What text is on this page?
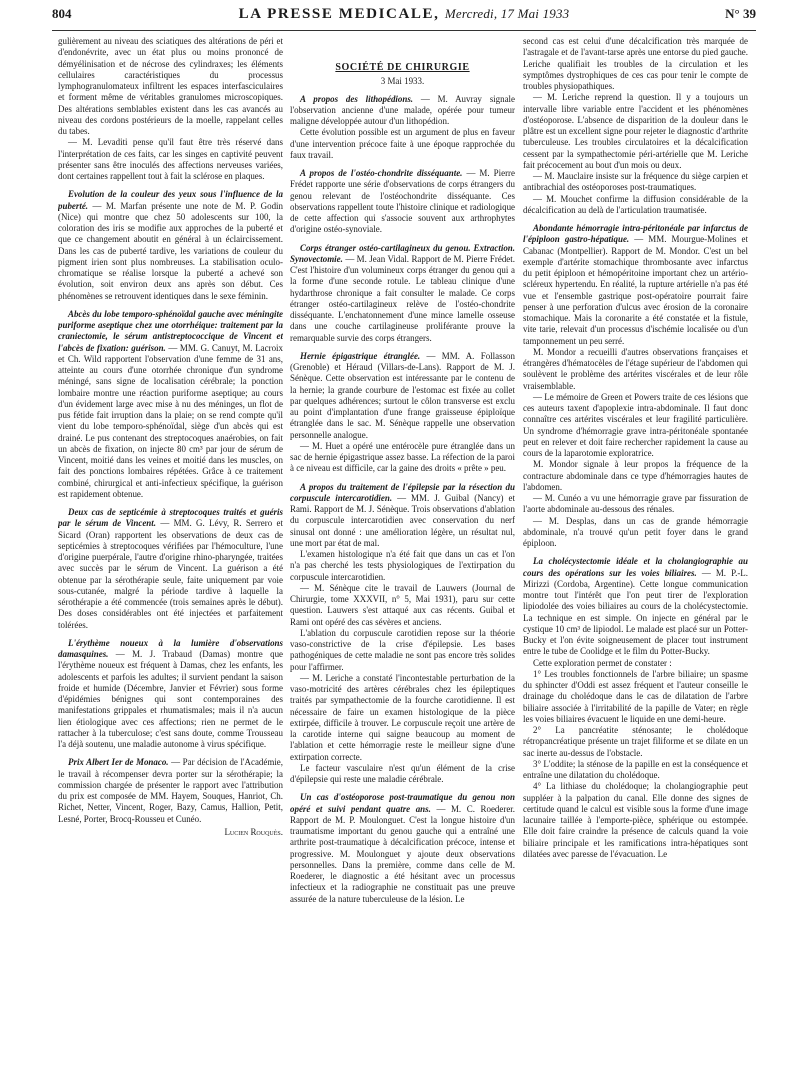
804	LA PRESSE MEDICALE, Mercredi, 17 Mai 1933	N° 39

gulièrement au niveau des sciatiques des altérations de péri et d'endonévrite, avec un état plus ou moins prononcé de démyélinisation et de nécrose des cylindraxes; les éléments cellulaires caractéristiques du processus lymphogranulomateux infiltrent les espaces interfasciculaires et forment même de véritables granulomes microscopiques. Des altérations semblables existent dans les cas avancés au niveau des cordons postérieurs de la moelle, rappelant celles du tabes.

— M. Levaditi pense qu'il faut être très réservé dans l'interprétation de ces faits, car les singes en captivité peuvent présenter sans être inoculés des affections nerveuses variées, dont certaines rappellent tout à fait la sclérose en plaques.

Evolution de la couleur des yeux sous l'influence de la puberté. — M. Marfan présente une note de M. P. Godin (Nice) qui montre que chez 50 adolescents sur 100, la coloration des iris se modifie aux approches de la puberté et que ce changement aboutit en général à un éclaircissement. Dans les cas de puberté tardive, les variations de couleur du pigment irien sont plus nombreuses. La stabilisation oculo-chromatique se réalise lorsque la puberté a achevé son évolution, soit environ deux ans après son début. Ces phénomènes se retrouvent identiques dans le sexe féminin.

Abcès du lobe temporo-sphénoïdal gauche avec méningite puriforme aseptique chez une otorrhéique: traitement par la craniectomie, le sérum antistreptococcique de Vincent et l'abcès de fixation: guérison. — MM. G. Canuyt, M. Lacroix et Ch. Wild rapportent l'observation d'une femme de 31 ans, atteinte au cours d'une otorrhée chronique d'un syndrome méningé, sans signe de localisation cérébrale; la ponction lombaire montre une réaction puriforme aseptique; au cours d'un évidement large avec mise à nu des méninges, un flot de pus fétide fait irruption dans la plaie; on se rend compte qu'il vient du lobe temporo-sphénoïdal, siège d'un abcès qui est drainé. Le pus contenant des streptocoques anaérobies, on fait un abcès de fixation, on injecte 80 cm³ par jour de sérum de Vincent, moitié dans les veines et moitié dans les muscles, on fait des ponctions lombaires répétées. Grâce à ce traitement combiné, chirurgical et anti-infectieux spécifique, la guérison est rapidement obtenue.

Deux cas de septicémie à streptocoques traités et guéris par le sérum de Vincent. — MM. G. Lévy, R. Serrero et Sicard (Oran) rapportent les observations de deux cas de septicémies à streptocoques vérifiées par l'hémoculture, l'une d'origine puerpérale, l'autre d'origine rhino-pharyngée, traitées avec succès par le sérum de Vincent. La guérison a été obtenue par la sérothérapie seule, faite uniquement par voie sous-cutanée, malgré la période tardive à laquelle la sérothérapie a été commencée (trois semaines après le début). Des doses considérables ont été injectées et parfaitement tolérées.

L'érythème noueux à la lumière d'observations damasquines. — M. J. Trabaud (Damas) montre que l'érythème noueux est fréquent à Damas, chez les enfants, les adolescents et parfois les adultes; il survient pendant la saison froide et humide (Décembre, Janvier et Février) sous forme d'épidémies bénignes qui sont contemporaines des manifestations grippales et rhumatismales; mais il n'a aucun lien étiologique avec ces affections; rien ne permet de le rattacher à la tuberculose; c'est sans doute, comme Trousseau l'a déjà soutenu, une maladie autonome à virus spécifique.

Prix Albert Ier de Monaco. — Par décision de l'Académie, le travail à récompenser devra porter sur la sérothérapie; la commission chargée de présenter le rapport avec l'attribution du prix est composée de MM. Hayem, Souques, Hanriot, Ch. Richet, Netter, Vincent, Roger, Bazy, Camus, Hallion, Petit, Lesné, Porter, Brocq-Rousseu et Cunéo.

Lucien Rouquès.

SOCIÉTÉ DE CHIRURGIE
3 Mai 1933.

A propos des lithopédions. — M. Auvray signale l'observation ancienne d'une malade, opérée pour tumeur maligne développée autour d'un lithopédion.

Cette évolution possible est un argument de plus en faveur d'une intervention précoce faite à une époque rapprochée du faux travail.

A propos de l'ostéo-chondrite disséquante. — M. Pierre Frédet rapporte une série d'observations de corps étrangers du genou relevant de l'ostéochondrite disséquante. Ces observations rappellent toute l'histoire clinique et radiologique de cette affection qui s'associe souvent aux arthrophytes d'origine ostéo-synoviale.

Corps étranger ostéo-cartilagineux du genou. Extraction. Synovectomie. — M. Jean Vidal. Rapport de M. Pierre Frédet. C'est l'histoire d'un volumineux corps étranger du genou qui a la forme d'une seconde rotule. Le tableau clinique d'une hydarthrose chronique a fait consulter le malade. Ce corps étranger ostéo-cartilagineux relève de l'ostéo-chondrite disséquante. L'enchatonnement d'une mince lamelle osseuse dans une couche cartilagineuse proliférante prouve la remarquable survie des corps étrangers.

Hernie épigastrique étranglée. — MM. A. Follasson (Grenoble) et Héraud (Villars-de-Lans). Rapport de M. J. Sénèque. Cette observation est intéressante par le contenu de la hernie; la grande courbure de l'estomac est fixée au collet par quelques adhérences; surtout le côlon transverse est exclu au point d'implantation d'une frange graisseuse épiploïque étranglée dans le sac. M. Sénèque rappelle une observation personnelle analogue.

— M. Huet a opéré une entérocèle pure étranglée dans un sac de hernie épigastrique assez basse. La réfection de la paroi à ce niveau est difficile, car la gaine des droits « prête » peu.

A propos du traitement de l'épilepsie par la résection du corpuscule intercarotidien. — MM. J. Guibal (Nancy) et Rami. Rapport de M. J. Sénèque. Trois observations d'ablation du corpuscule intercarotidien avec conservation du nerf sinusal ont donné : une amélioration légère, un résultat nul, une mort par état de mal.

L'examen histologique n'a été fait que dans un cas et l'on n'a pas cherché les tests physiologiques de l'extirpation du corpuscule intercarotidien.

— M. Sénèque cite le travail de Lauwers (Journal de Chirurgie, tome XXXVII, n° 5, Mai 1931), paru sur cette question. Lauwers s'est attaqué aux cas récents. Guibal et Rami ont opéré des cas sévères et anciens.

L'ablation du corpuscule carotidien repose sur la théorie vaso-constrictive de la crise d'épilepsie. Les bases pathogéniques de cette maladie ne sont pas encore très solides pour l'affirmer.

— M. Leriche a constaté l'incontestable perturbation de la vaso-motricité des artères cérébrales chez les épileptiques traités par sympathectomie de la fourche carotidienne. Il est nécessaire de faire un examen histologique de la pièce extirpée, difficile à trouver. Le corpuscule reçoit une artère de la carotide interne qui saigne beaucoup au moment de l'ablation et cette hémorragie reste le meilleur signe d'une extirpation correcte.

Le facteur vasculaire n'est qu'un élément de la crise d'épilepsie qui reste une maladie cérébrale.

Un cas d'ostéoporose post-traumatique du genou non opéré et suivi pendant quatre ans. — M. C. Roederer. Rapport de M. P. Moulonguet. C'est la longue histoire d'un traumatisme important du genou gauche qui a entraîné une arthrite post-traumatique à décalcification précoce, intense et progressive. M. Moulonguet y ajoute deux observations personnelles. Dans la première, comme dans celle de M. Roederer, le diagnostic a été hésitant avec un processus infectieux et la radiographie ne constituait pas une preuve assurée de la nature tuberculeuse de la lésion. Le

second cas est celui d'une décalcification très marquée de l'astragale et de l'avant-tarse après une entorse du pied gauche. Leriche qualifiait les troubles de la circulation et les symptômes dystrophiques de ces cas pour tenir le compte de troubles physiopathiques.

— M. Leriche reprend la question. Il y a toujours un intervalle libre variable entre l'accident et les phénomènes d'ostéoporose. L'absence de disparition de la douleur dans le plâtre est un excellent signe pour rejeter le diagnostic d'arthrite tuberculeuse. Les troubles circulatoires et la décalcification cessent par la sympathectomie péri-artérielle que M. Leriche fait précocement au bout d'un mois ou deux.

— M. Mauclaire insiste sur la fréquence du siège carpien et antibrachial des ostéoporoses post-traumatiques.

— M. Mouchet confirme la diffusion considérable de la décalcification au delà de l'articulation traumatisée.

Abondante hémorragie intra-péritonéale par infarctus de l'épiploon gastro-hépatique. — MM. Mourgue-Molines et Cabanac (Montpellier). Rapport de M. Mondor. C'est un bel exemple d'artérite stomachique thrombosante avec infarctus du petit épiploon et hémopéritoine important chez un artério-scléreux hypertendu. En réalité, la rupture artérielle n'a pas été vue et l'ensemble gastrique post-opératoire pourrait faire penser à une perforation d'ulcus avec érosion de la coronaire stomachique. Mais la coronarite a été constatée et la fistule, vite tarie, relevait d'un processus d'ischémie localisée ou d'un tamponnement un peu serré.

M. Mondor a recueilli d'autres observations françaises et étrangères d'hématocèles de l'étage supérieur de l'abdomen qui soulèvent le problème des artérites viscérales et de leur rôle vraisemblable.

— Le mémoire de Green et Powers traite de ces lésions que ces auteurs taxent d'apoplexie intra-abdominale. Il faut donc connaître ces artérites viscérales et leur fragilité particulière. Un syndrome d'hémorragie grave intra-péritonéale spontanée peut en relever et doit faire rechercher rapidement la cause au cours de la laparotomie exploratrice.

M. Mondor signale à leur propos la fréquence de la contracture abdominale dans ce type d'hémorragies hautes de l'abdomen.

— M. Cunéo a vu une hémorragie grave par fissuration de l'aorte abdominale au-dessous des rénales.

— M. Desplas, dans un cas de grande hémorragie abdominale, n'a trouvé qu'un petit foyer dans le grand épiploon.

La cholécystectomie idéale et la cholangiographie au cours des opérations sur les voies biliaires. — M. P.-L. Mirizzi (Cordoba, Argentine). Cette longue communication montre tout l'intérêt que l'on peut tirer de l'exploration lipiodolée des voies biliaires au cours de la cholécystectomie. La technique en est simple. On injecte en général par le cystique 10 cm³ de lipiodol. Le malade est placé sur un Potter-Bucky et l'on évite soigneusement de placer tout instrument entre le tube de Coolidge et le film du Potter-Bucky.

Cette exploration permet de constater :

1° Les troubles fonctionnels de l'arbre biliaire; un spasme du sphincter d'Oddi est assez fréquent et l'auteur conseille le drainage du cholédoque dans le cas de dilatation de l'arbre biliaire associée à l'irritabilité de la papille de Vater; en règle les voies biliaires évacuent le liquide en une demi-heure.

2° La pancréatite sténosante; le cholédoque rétropancréatique présente un trajet filiforme et se dilate en un sac inerte au-dessus de l'obstacle.

3° L'oddite; la sténose de la papille en est la conséquence et entraîne une dilatation du cholédoque.

4° La lithiase du cholédoque; la cholangiographie peut suppléer à la palpation du canal. Elle donne des signes de certitude quand le calcul est visible sous la forme d'une image lacunaire taillée à l'emporte-pièce, sphérique ou estompée. Elle doit faire craindre la présence de calculs quand la voie biliaire principale et les ramifications intra-hépatiques sont dilatées avec paresse de l'évacuation. Le
